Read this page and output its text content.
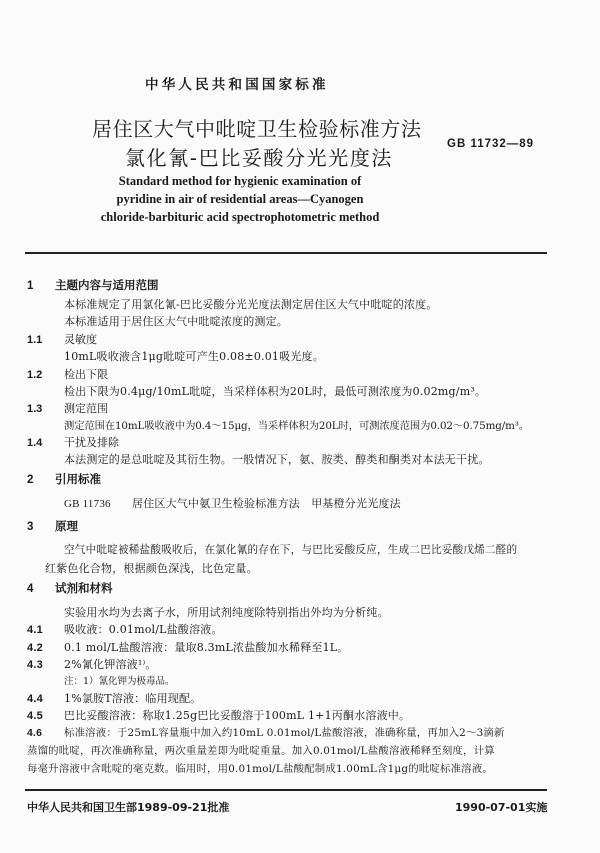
中华人民共和国国家标准
居住区大气中吡啶卫生检验标准方法
氯化氰-巴比妥酸分光光度法
GB 11732—89
Standard method for hygienic examination of
pyridine in air of residential areas—Cyanogen
chloride-barbituric acid spectrophotometric method
1 主题内容与适用范围
本标准规定了用氯化氰-巴比妥酸分光光度法测定居住区大气中吡啶的浓度。
本标准适用于居住区大气中吡啶浓度的测定。
1.1 灵敏度
10mL吸收液含1μg吡啶可产生0.08±0.01吸光度。
1.2 检出下限
检出下限为0.4μg/10mL吡啶，当采样体积为20L时，最低可测浓度为0.02mg/m³。
1.3 测定范围
测定范围在10mL吸收液中为0.4～15μg，当采样体积为20L时，可测浓度范围为0.02～0.75mg/m³。
1.4 干扰及排除
本法测定的是总吡啶及其衍生物。一般情况下，氨、胺类、醇类和酮类对本法无干扰。
2 引用标准
GB 11736 居住区大气中氨卫生检验标准方法　甲基橙分光光度法
3 原理
空气中吡啶被稀盐酸吸收后，在氯化氰的存在下，与巴比妥酸反应，生成二巴比妥酸戊烯二醛的
红紫色化合物，根据颜色深浅，比色定量。
4 试剂和材料
实验用水均为去离子水，所用试剂纯度除特别指出外均为分析纯。
4.1 吸收液：0.01mol/L盐酸溶液。
4.2 0.1 mol/L盐酸溶液：量取8.3mL浓盐酸加水稀释至1L。
4.3 2%氰化钾溶液¹⁾。
注：1）氰化钾为极毒品。
4.4 1%氯胺T溶液：临用现配。
4.5 巴比妥酸溶液：称取1.25g巴比妥酸溶于100mL 1+1丙酮水溶液中。
4.6 标准溶液：于25mL容量瓶中加入约10mL 0.01mol/L盐酸溶液，准确称量，再加入2～3滴新
蒸馏的吡啶，再次准确称量，两次重量差即为吡啶重量。加入0.01mol/L盐酸溶液稀释至刻度，计算
每毫升溶液中含吡啶的毫克数。临用时，用0.01mol/L盐酸配制成1.00mL含1μg的吡啶标准溶液。
中华人民共和国卫生部1989-09-21批准	1990-07-01实施
